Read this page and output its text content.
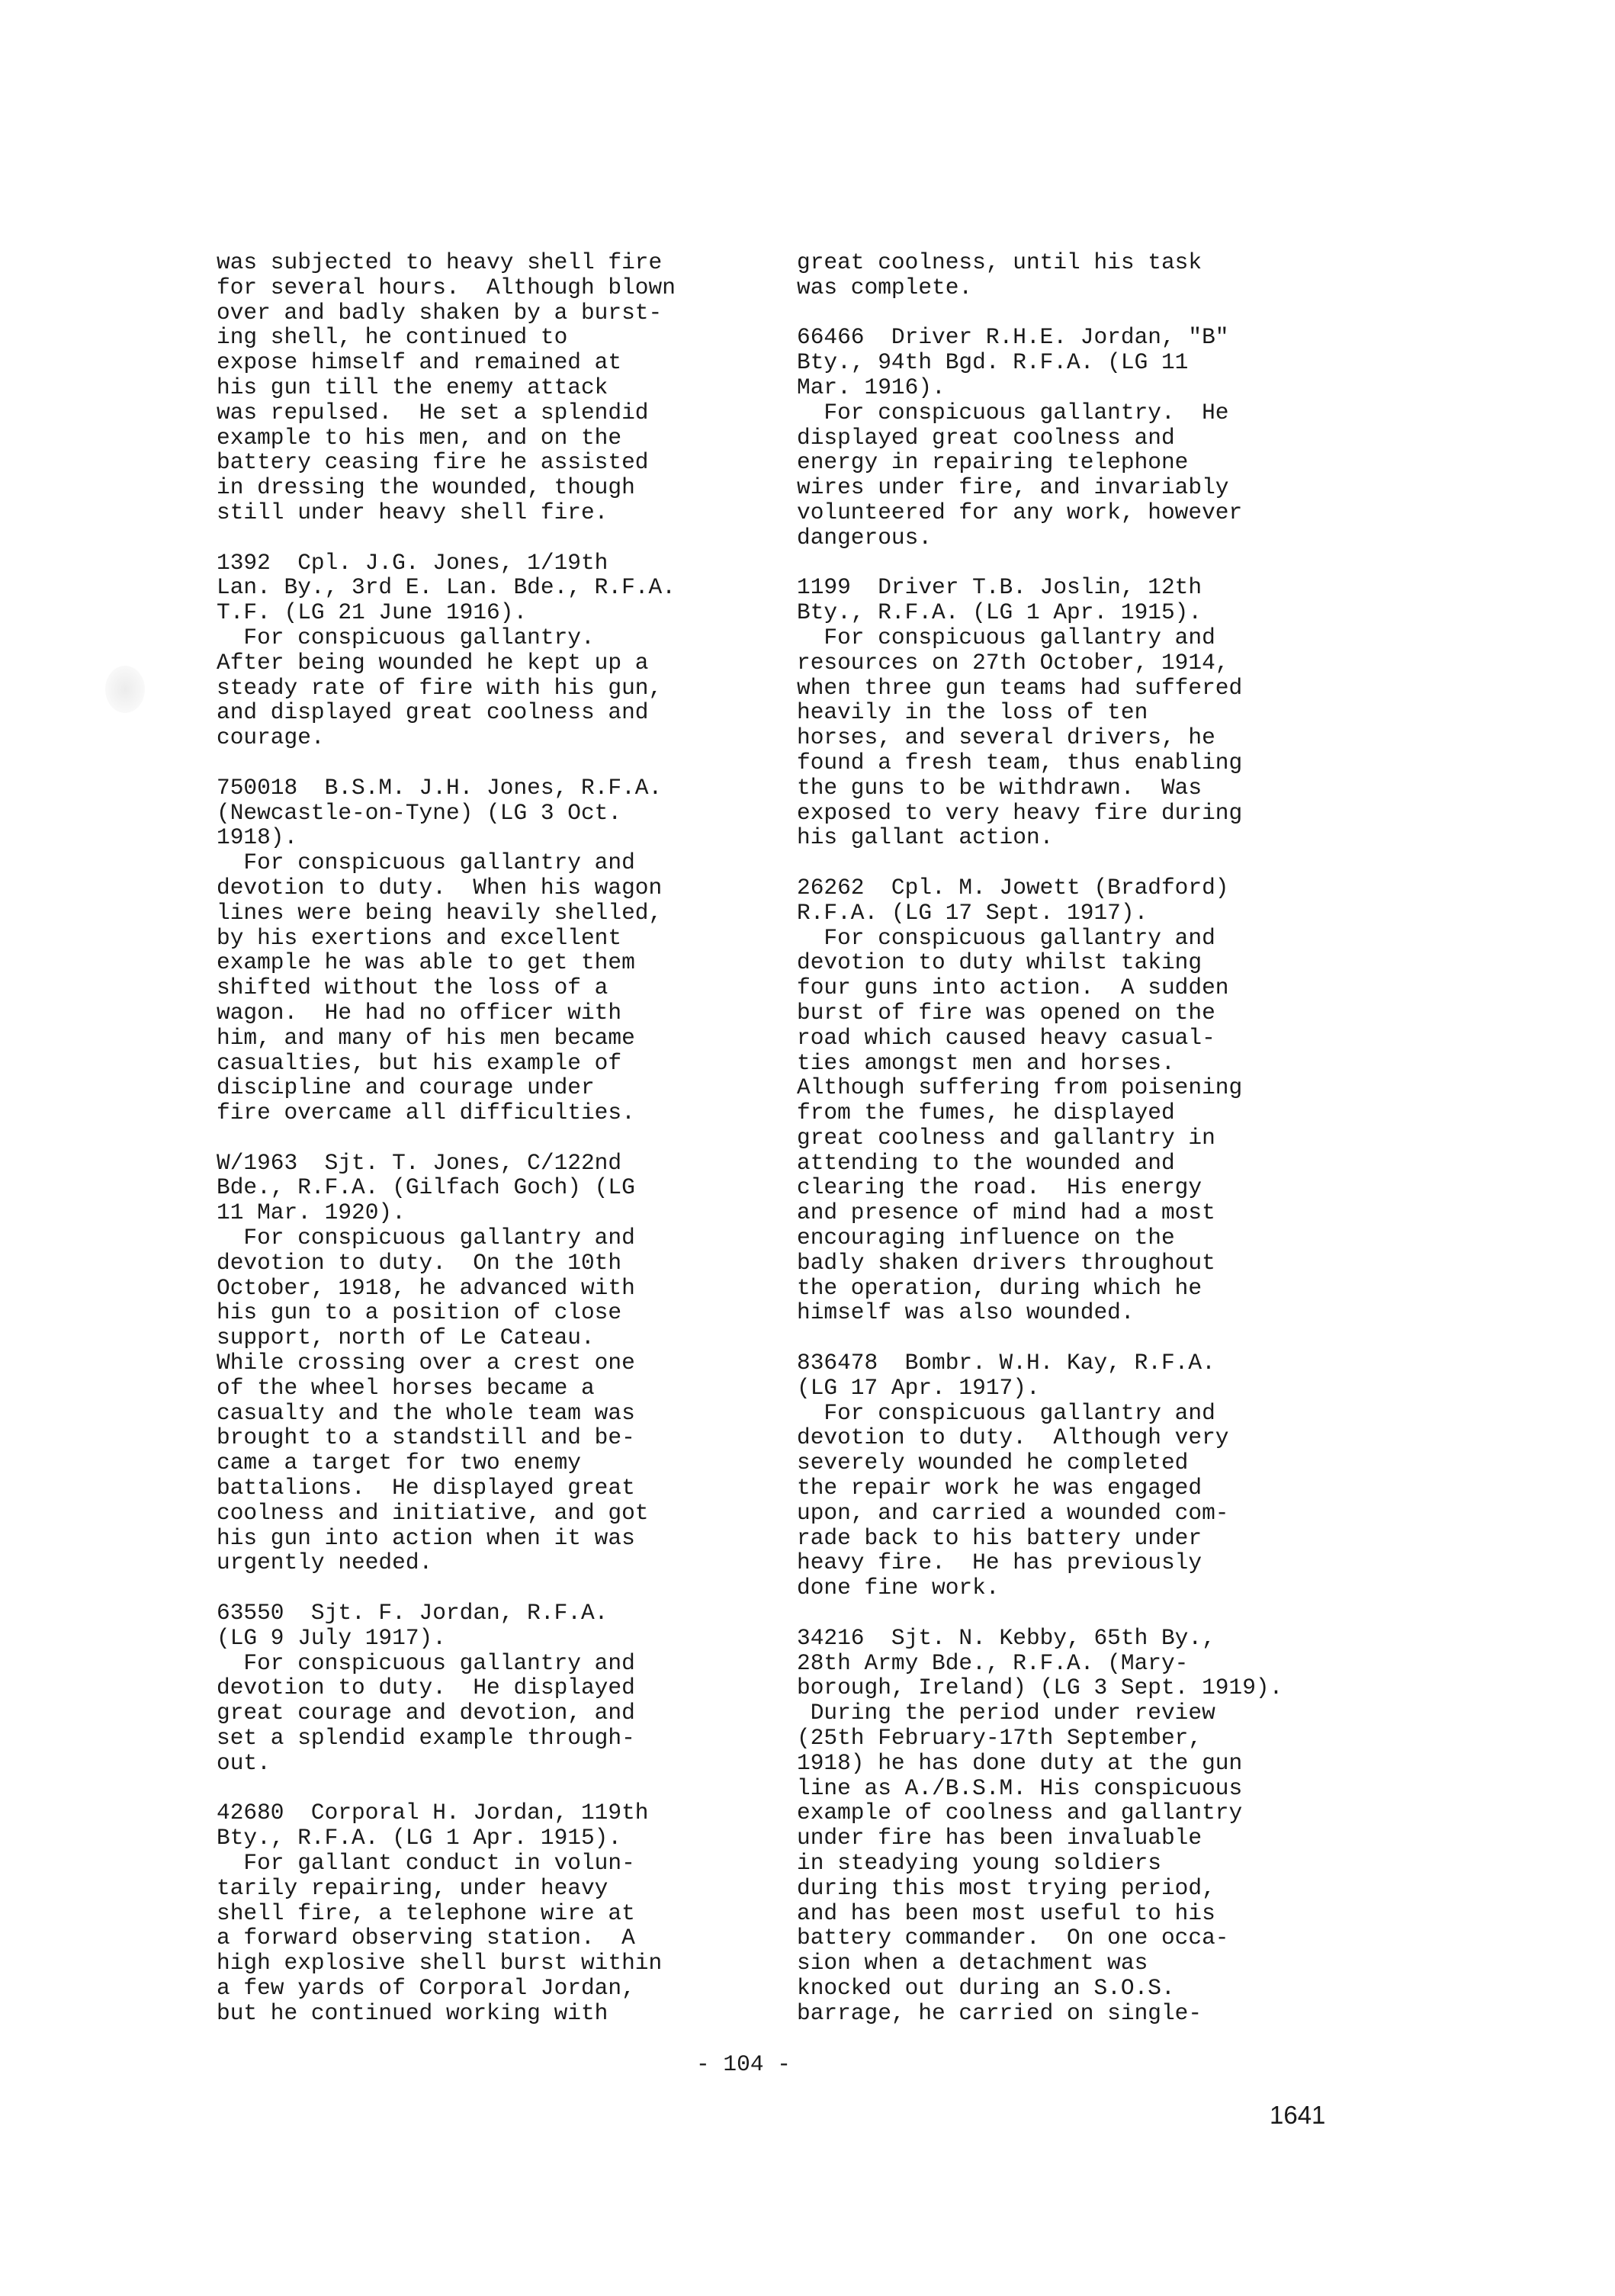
was subjected to heavy shell fire
for several hours.  Although blown
over and badly shaken by a burst-
ing shell, he continued to
expose himself and remained at
his gun till the enemy attack
was repulsed.  He set a splendid
example to his men, and on the
battery ceasing fire he assisted
in dressing the wounded, though
still under heavy shell fire.
1392  Cpl. J.G. Jones, 1/19th
Lan. By., 3rd E. Lan. Bde., R.F.A.
T.F. (LG 21 June 1916).
For conspicuous gallantry.
After being wounded he kept up a
steady rate of fire with his gun,
and displayed great coolness and
courage.
750018  B.S.M. J.H. Jones, R.F.A.
(Newcastle-on-Tyne) (LG 3 Oct.
1918).
For conspicuous gallantry and
devotion to duty.  When his wagon
lines were being heavily shelled,
by his exertions and excellent
example he was able to get them
shifted without the loss of a
wagon.  He had no officer with
him, and many of his men became
casualties, but his example of
discipline and courage under
fire overcame all difficulties.
W/1963  Sjt. T. Jones, C/122nd
Bde., R.F.A. (Gilfach Goch) (LG
11 Mar. 1920).
For conspicuous gallantry and
devotion to duty.  On the 10th
October, 1918, he advanced with
his gun to a position of close
support, north of Le Cateau.
While crossing over a crest one
of the wheel horses became a
casualty and the whole team was
brought to a standstill and be-
came a target for two enemy
battalions.  He displayed great
coolness and initiative, and got
his gun into action when it was
urgently needed.
63550  Sjt. F. Jordan, R.F.A.
(LG 9 July 1917).
For conspicuous gallantry and
devotion to duty.  He displayed
great courage and devotion, and
set a splendid example through-
out.
42680  Corporal H. Jordan, 119th
Bty., R.F.A. (LG 1 Apr. 1915).
For gallant conduct in volun-
tarily repairing, under heavy
shell fire, a telephone wire at
a forward observing station.  A
high explosive shell burst within
a few yards of Corporal Jordan,
but he continued working with
great coolness, until his task
was complete.
66466  Driver R.H.E. Jordan, "B"
Bty., 94th Bgd. R.F.A. (LG 11
Mar. 1916).
For conspicuous gallantry.  He
displayed great coolness and
energy in repairing telephone
wires under fire, and invariably
volunteered for any work, however
dangerous.
1199  Driver T.B. Joslin, 12th
Bty., R.F.A. (LG 1 Apr. 1915).
For conspicuous gallantry and
resources on 27th October, 1914,
when three gun teams had suffered
heavily in the loss of ten
horses, and several drivers, he
found a fresh team, thus enabling
the guns to be withdrawn.  Was
exposed to very heavy fire during
his gallant action.
26262  Cpl. M. Jowett (Bradford)
R.F.A. (LG 17 Sept. 1917).
For conspicuous gallantry and
devotion to duty whilst taking
four guns into action.  A sudden
burst of fire was opened on the
road which caused heavy casual-
ties amongst men and horses.
Although suffering from poisening
from the fumes, he displayed
great coolness and gallantry in
attending to the wounded and
clearing the road.  His energy
and presence of mind had a most
encouraging influence on the
badly shaken drivers throughout
the operation, during which he
himself was also wounded.
836478  Bombr. W.H. Kay, R.F.A.
(LG 17 Apr. 1917).
For conspicuous gallantry and
devotion to duty.  Although very
severely wounded he completed
the repair work he was engaged
upon, and carried a wounded com-
rade back to his battery under
heavy fire.  He has previously
done fine work.
34216  Sjt. N. Kebby, 65th By.,
28th Army Bde., R.F.A. (Mary-
borough, Ireland) (LG 3 Sept. 1919).
During the period under review
(25th February-17th September,
1918) he has done duty at the gun
line as A./B.S.M. His conspicuous
example of coolness and gallantry
under fire has been invaluable
in steadying young soldiers
during this most trying period,
and has been most useful to his
battery commander.  On one occa-
sion when a detachment was
knocked out during an S.O.S.
barrage, he carried on single-
- 104 -
1641
